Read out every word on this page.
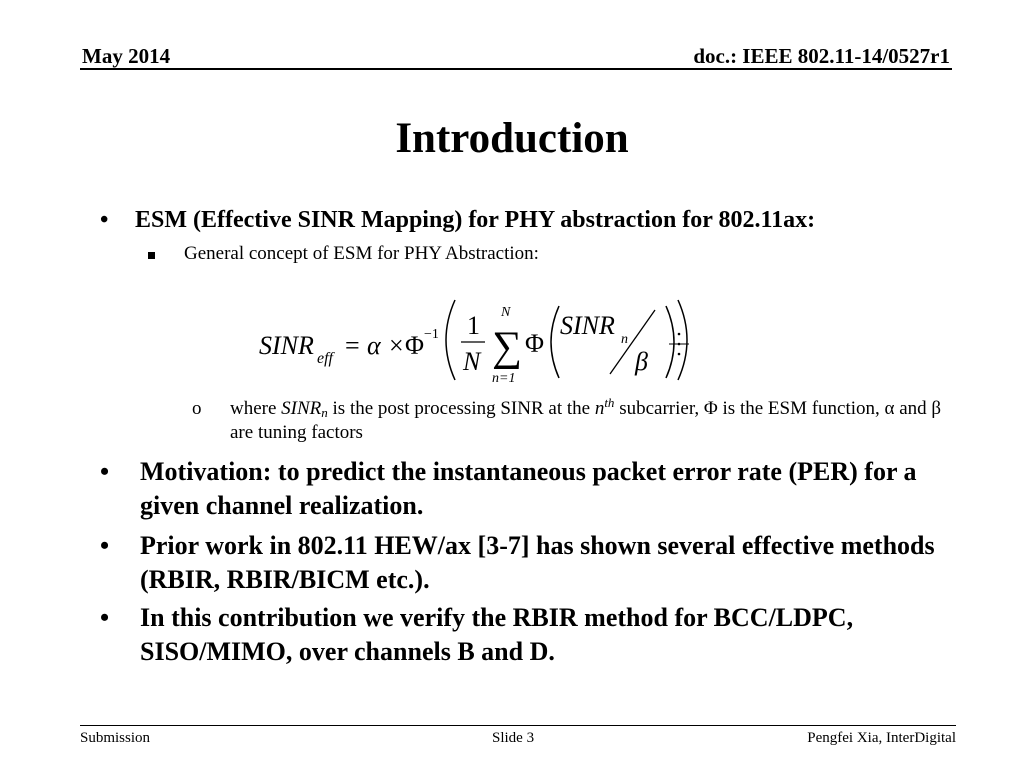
May 2014	doc.: IEEE 802.11-14/0527r1
Introduction
• ESM (Effective SINR Mapping) for PHY abstraction for 802.11ax:
General concept of ESM for PHY Abstraction:
SINR eff = α × Φ −1 1
N
N
∑
n=1
Φ
SINR n
β
o where $SINR_n$ is the post processing SINR at the $n^{th}$ subcarrier, Φ is the ESM function, α and β are tuning factors
• Motivation: to predict the instantaneous packet error rate (PER) for a given channel realization.
• Prior work in 802.11 HEW/ax [3-7] has shown several effective methods (RBIR, RBIR/BICM etc.).
• In this contribution we verify the RBIR method for BCC/LDPC, SISO/MIMO, over channels B and D.
Submission	Slide 3	Pengfei Xia, InterDigital
